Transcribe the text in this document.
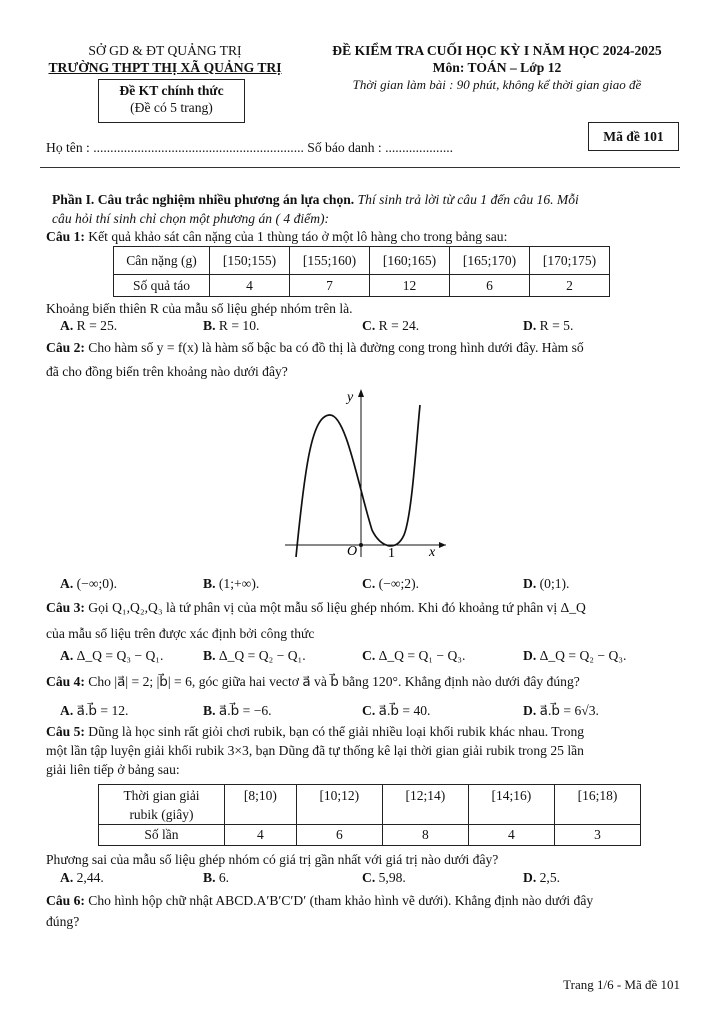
SỞ GD & ĐT QUẢNG TRỊ
TRƯỜNG THPT THỊ XÃ QUẢNG TRỊ
Đề KT chính thức
(Đề có 5 trang)
ĐỀ KIỂM TRA CUỐI HỌC KỲ I NĂM HỌC 2024-2025
Môn: TOÁN – Lớp 12
Thời gian làm bài : 90 phút, không kể thời gian giao đề
Mã đề 101
Họ tên : .............................................................. Số báo danh : ....................
Phần I. Câu trắc nghiệm nhiều phương án lựa chọn. Thí sinh trả lời từ câu 1 đến câu 16. Mỗi
câu hỏi thí sinh chỉ chọn một phương án ( 4 điểm):
Câu 1: Kết quả khảo sát cân nặng của 1 thùng táo ở một lô hàng cho trong bảng sau:
Cân nặng (g)	[150;155)	[155;160)	[160;165)	[165;170)	[170;175)
Số quả táo	4	7	12	6	2
Khoảng biến thiên R của mẫu số liệu ghép nhóm trên là.
A. R = 25.	B. R = 10.	C. R = 24.	D. R = 5.
Câu 2: Cho hàm số y = f(x) là hàm số bậc ba có đồ thị là đường cong trong hình dưới đây. Hàm số
đã cho đồng biến trên khoảng nào dưới đây?
O 1 x
y
A. (−∞;0).	B. (1;+∞).	C. (−∞;2).	D. (0;1).
Câu 3: Gọi Q₁,Q₂,Q₃ là tứ phân vị của một mẫu số liệu ghép nhóm. Khi đó khoảng tứ phân vị Δ_Q
của mẫu số liệu trên được xác định bởi công thức
A. Δ_Q = Q₃ − Q₁.	B. Δ_Q = Q₂ − Q₁.	C. Δ_Q = Q₁ − Q₃.	D. Δ_Q = Q₂ − Q₃.
Câu 4: Cho |a⃗| = 2; |b⃗| = 6, góc giữa hai vectơ a⃗ và b⃗ bằng 120°. Khẳng định nào dưới đây đúng?
A. a⃗.b⃗ = 12.	B. a⃗.b⃗ = −6.	C. a⃗.b⃗ = 40.	D. a⃗.b⃗ = 6√3.
Câu 5: Dũng là học sinh rất giỏi chơi rubik, bạn có thể giải nhiều loại khối rubik khác nhau. Trong
một lần tập luyện giải khối rubik 3×3, bạn Dũng đã tự thống kê lại thời gian giải rubik trong 25 lần
giải liên tiếp ở bảng sau:
Thời gian giải
rubik (giây)	[8;10)	[10;12)	[12;14)	[14;16)	[16;18)
Số lần	4	6	8	4	3
Phương sai của mẫu số liệu ghép nhóm có giá trị gần nhất với giá trị nào dưới đây?
A. 2,44.	B. 6.	C. 5,98.	D. 2,5.
Câu 6: Cho hình hộp chữ nhật ABCD.A′B′C′D′ (tham khảo hình vẽ dưới). Khẳng định nào dưới đây
đúng?
Trang 1/6 - Mã đề 101
